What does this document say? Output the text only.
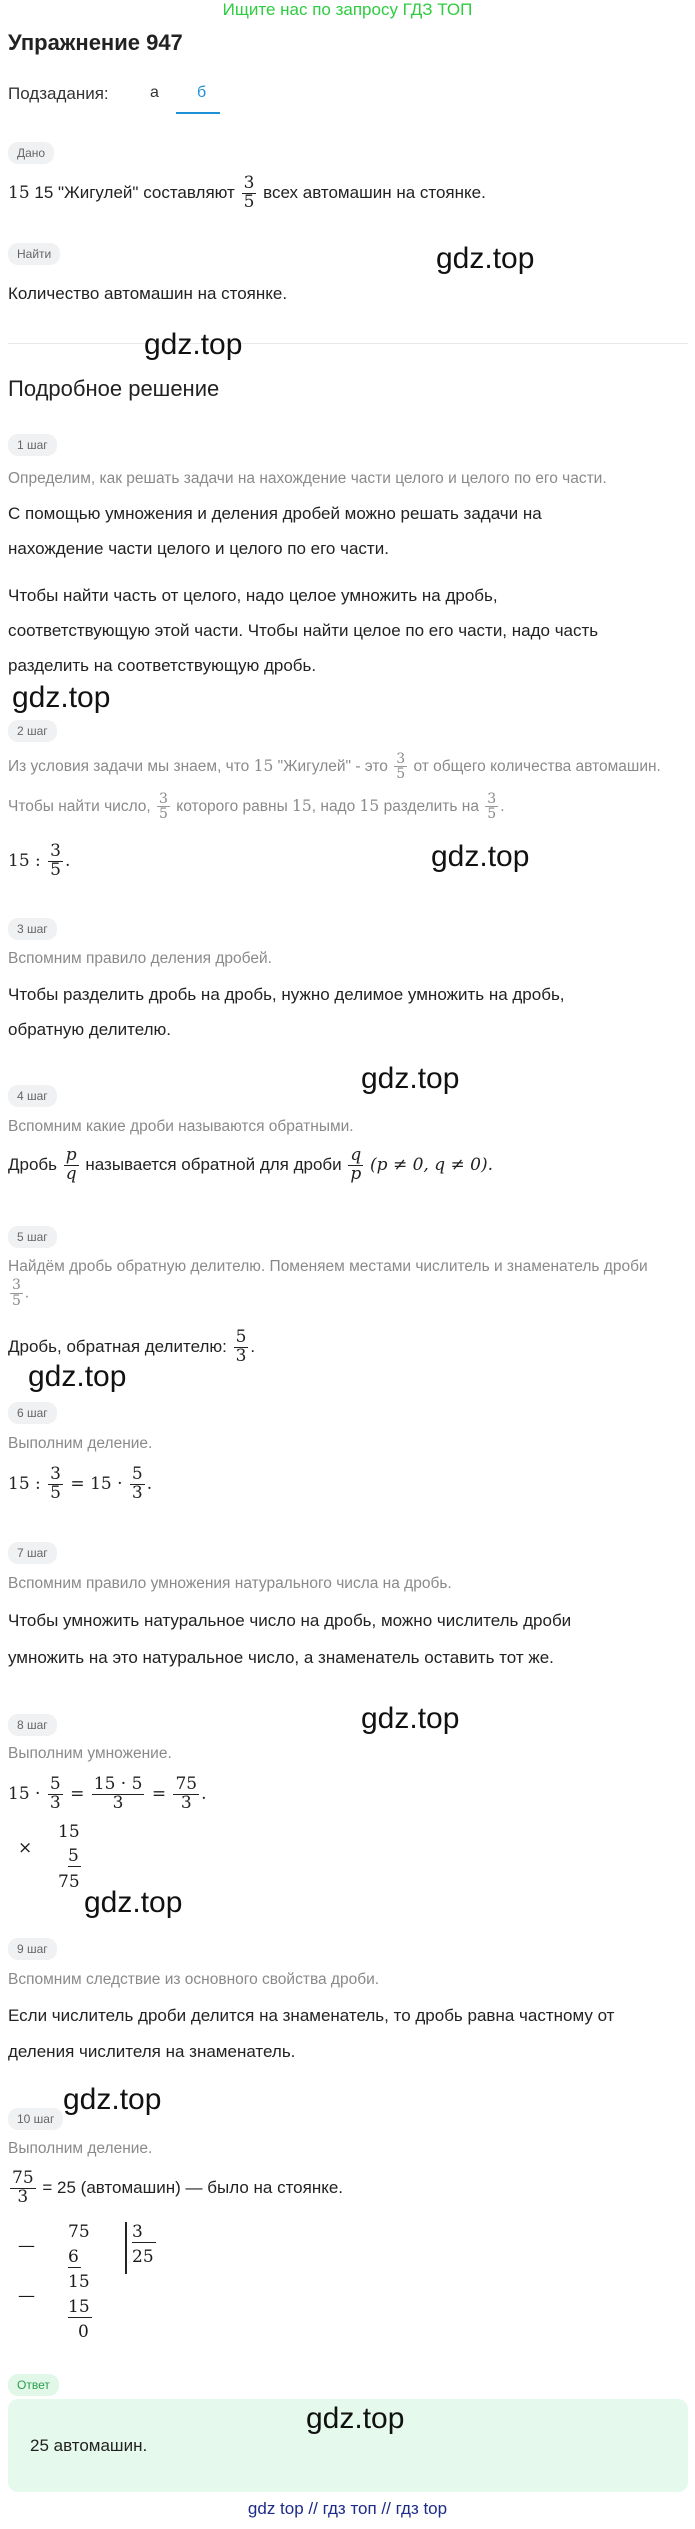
Ищите нас по запросу ГДЗ ТОП
Упражнение 947
Подзадания:	а	б
Дано
15 15 "Жигулей" составляют $\frac{3}{5}$ всех автомашин на стоянке.
Найти	gdz.top
Количество автомашин на стоянке.
gdz.top
Подробное решение
1 шаг
Определим, как решать задачи на нахождение части целого и целого по его части.
С помощью умножения и деления дробей можно решать задачи на
нахождение части целого и целого по его части.
Чтобы найти часть от целого, надо целое умножить на дробь,
соответствующую этой части. Чтобы найти целое по его части, надо часть
разделить на соответствующую дробь.
gdz.top
2 шаг
Из условия задачи мы знаем, что 15 "Жигулей" - это $\frac{3}{5}$ от общего количества автомашин.
Чтобы найти число, $\frac{3}{5}$ которого равны 15, надо 15 разделить на $\frac{3}{5}$ .
gdz.top
15 : $\frac{3}{5}$ .
3 шаг
Вспомним правило деления дробей.
Чтобы разделить дробь на дробь, нужно делимое умножить на дробь,
обратную делителю.
gdz.top
4 шаг
Вспомним какие дроби называются обратными.
Дробь $\frac{p}{q}$ называется обратной для дроби $\frac{q}{p} (p \ne 0$, q ≠ 0).
5 шаг
Найдём дробь обратную делителю. Поменяем местами числитель и знаменатель дроби
$\frac{3}{5}$ .
Дробь, обратная делителю: $\frac{5}{3}$ .
gdz.top
6 шаг
Выполним деление.
15 : $\frac{3}{5} = 15 \cdot \frac{5}{3}$ .
7 шаг
Вспомним правило умножения натурального числа на дробь.
Чтобы умножить натуральное число на дробь, можно числитель дроби
умножить на это натуральное число, а знаменатель оставить тот же.
gdz.top
8 шаг
Выполним умножение.
$15 \cdot \frac{5}{3} = \frac{15 \cdot 5}{3} = \frac{75}{3}$ .
×
15
5
75
gdz.top
9 шаг
Вспомним следствие из основного свойства дроби.
Если числитель дроби делится на знаменатель, то дробь равна частному от
деления числителя на знаменатель.
10 шаг
gdz.top
Выполним деление.
$\frac{75}{3} = 25$ (автомашин) — было на стоянке.
—
75
6
3
25
—
15
15
0
Ответ
gdz.top
25 автомашин.
gdz top // гдз топ // гдз top
